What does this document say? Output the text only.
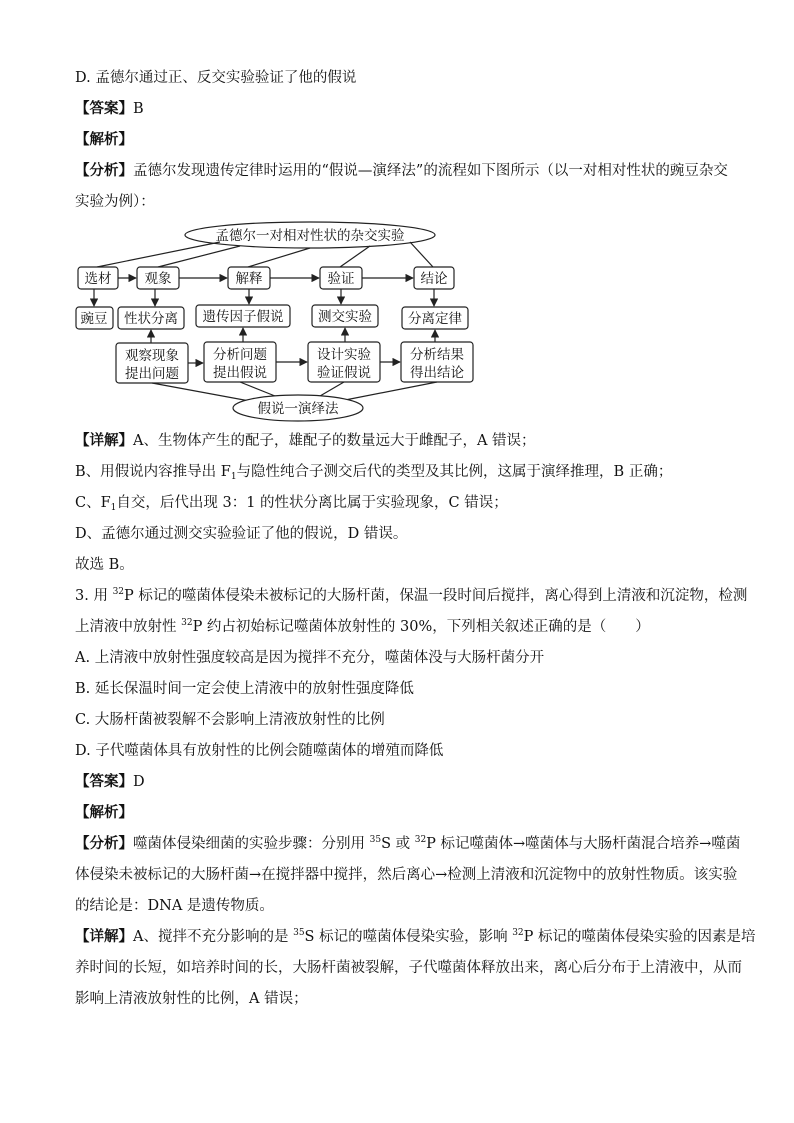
D. 孟德尔通过正、反交实验验证了他的假说
【答案】B
【解析】
【分析】孟德尔发现遗传定律时运用的“假说—演绎法”的流程如下图所示（以一对相对性状的豌豆杂交
实验为例）：
孟德尔一对相对性状的杂交实验
选材 观象	解释	验证	结论
豌豆 性状分离 遗传因子假说	测交实验	分离定律
观察现象
提出问题
分析问题
提出假说
设计实验
验证假说
分析结果
得出结论
假说一演绎法
【详解】A、生物体产生的配子，雄配子的数量远大于雌配子，A 错误；
B、用假说内容推导出 $F_1$与隐性纯合子测交后代的类型及其比例，这属于演绎推理，B 正确；
C、$F_1$自交，后代出现 3：1 的性状分离比属于实验现象，C 错误；
D、孟德尔通过测交实验验证了他的假说，D 错误。
故选 B。
3. 用 $^{32}$P 标记的噬菌体侵染未被标记的大肠杆菌，保温一段时间后搅拌，离心得到上清液和沉淀物，检测
上清液中放射性 $^{32}$P 约占初始标记噬菌体放射性的 30%，下列相关叙述正确的是（　　）
A. 上清液中放射性强度较高是因为搅拌不充分，噬菌体没与大肠杆菌分开
B. 延长保温时间一定会使上清液中的放射性强度降低
C. 大肠杆菌被裂解不会影响上清液放射性的比例
D. 子代噬菌体具有放射性的比例会随噬菌体的增殖而降低
【答案】D
【解析】
【分析】噬菌体侵染细菌的实验步骤：分别用 $^{35}$S 或 $^{32}$P 标记噬菌体→噬菌体与大肠杆菌混合培养→噬菌
体侵染未被标记的大肠杆菌→在搅拌器中搅拌，然后离心→检测上清液和沉淀物中的放射性物质。该实验
的结论是：DNA 是遗传物质。
【详解】A、搅拌不充分影响的是 $^{35}$S 标记的噬菌体侵染实验，影响 $^{32}$P 标记的噬菌体侵染实验的因素是培
养时间的长短，如培养时间的长，大肠杆菌被裂解，子代噬菌体释放出来，离心后分布于上清液中，从而
影响上清液放射性的比例，A 错误；
